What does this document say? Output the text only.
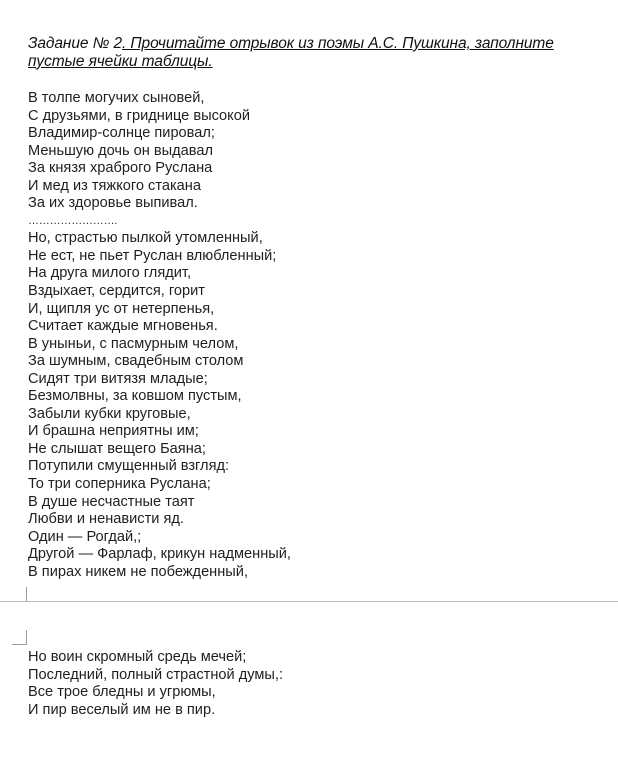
Задание № 2. Прочитайте отрывок из поэмы А.С. Пушкина, заполните пустые ячейки таблицы.
В толпе могучих сыновей,
С друзьями, в гриднице высокой
Владимир-солнце пировал;
Меньшую дочь он выдавал
За князя храброго Руслана
И мед из тяжкого стакана
За их здоровье выпивал.
…………………….
Но, страстью пылкой утомленный,
Не ест, не пьет Руслан влюбленный;
На друга милого глядит,
Вздыхает, сердится, горит
И, щипля ус от нетерпенья,
Считает каждые мгновенья.
В уныньи, с пасмурным челом,
За шумным, свадебным столом
Сидят три витязя младые;
Безмолвны, за ковшом пустым,
Забыли кубки круговые,
И брашна неприятны им;
Не слышат вещего Баяна;
Потупили смущенный взгляд:
То три соперника Руслана;
В душе несчастные таят
Любви и ненависти яд.
Один — Рогдай,;
Другой — Фарлаф, крикун надменный,
В пирах никем не побежденный,
Но воин скромный средь мечей;
Последний, полный страстной думы,:
Все трое бледны и угрюмы,
И пир веселый им не в пир.
